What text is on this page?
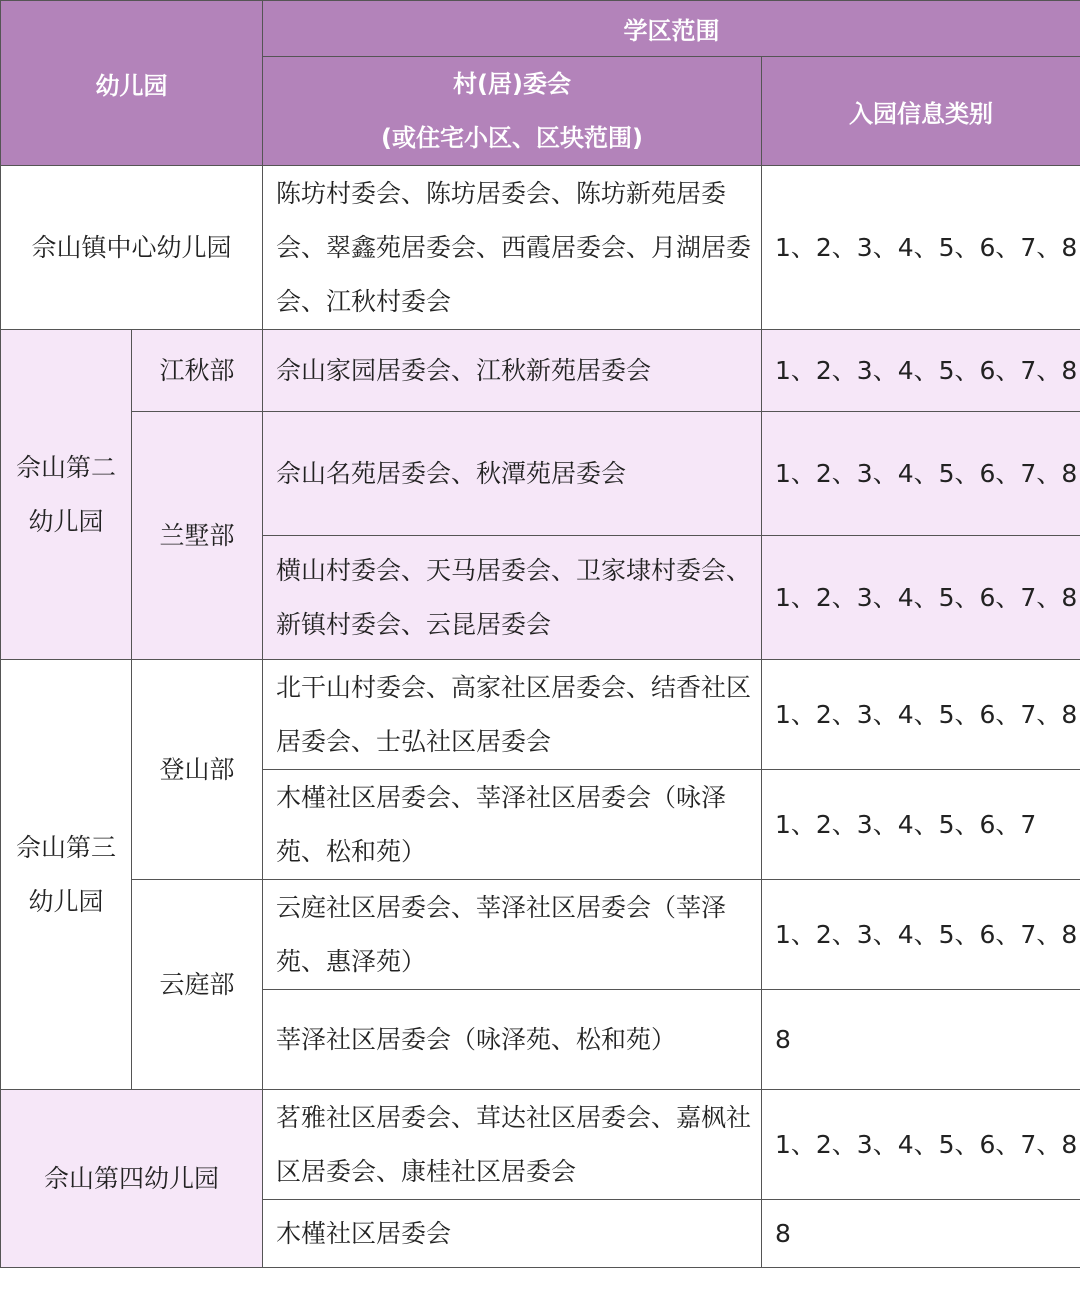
幼儿园		学区范围	

		村(居)委会
(或住宅小区、区块范围)	入园信息类别
佘山镇中心幼儿园		陈坊村委会、陈坊居委会、陈坊新苑居委会、翠鑫苑居委会、西霞居委会、月湖居委会、江秋村委会	1、2、3、4、5、6、7、8

佘山第二幼儿园	江秋部	佘山家园居委会、江秋新苑居委会	1、2、3、4、5、6、7、8
	兰墅部	佘山名苑居委会、秋潭苑居委会	1、2、3、4、5、6、7、8
		横山村委会、天马居委会、卫家埭村委会、新镇村委会、云昆居委会	1、2、3、4、5、6、7、8

佘山第三幼儿园	登山部	北干山村委会、高家社区居委会、结香社区居委会、士弘社区居委会	1、2、3、4、5、6、7、8
		木槿社区居委会、莘泽社区居委会（咏泽苑、松和苑）	1、2、3、4、5、6、7
	云庭部	云庭社区居委会、莘泽社区居委会（莘泽苑、惠泽苑）	1、2、3、4、5、6、7、8
		莘泽社区居委会（咏泽苑、松和苑）	8
佘山第四幼儿园		茗雅社区居委会、茸达社区居委会、嘉枫社区居委会、康桂社区居委会	1、2、3、4、5、6、7、8
		木槿社区居委会	8
